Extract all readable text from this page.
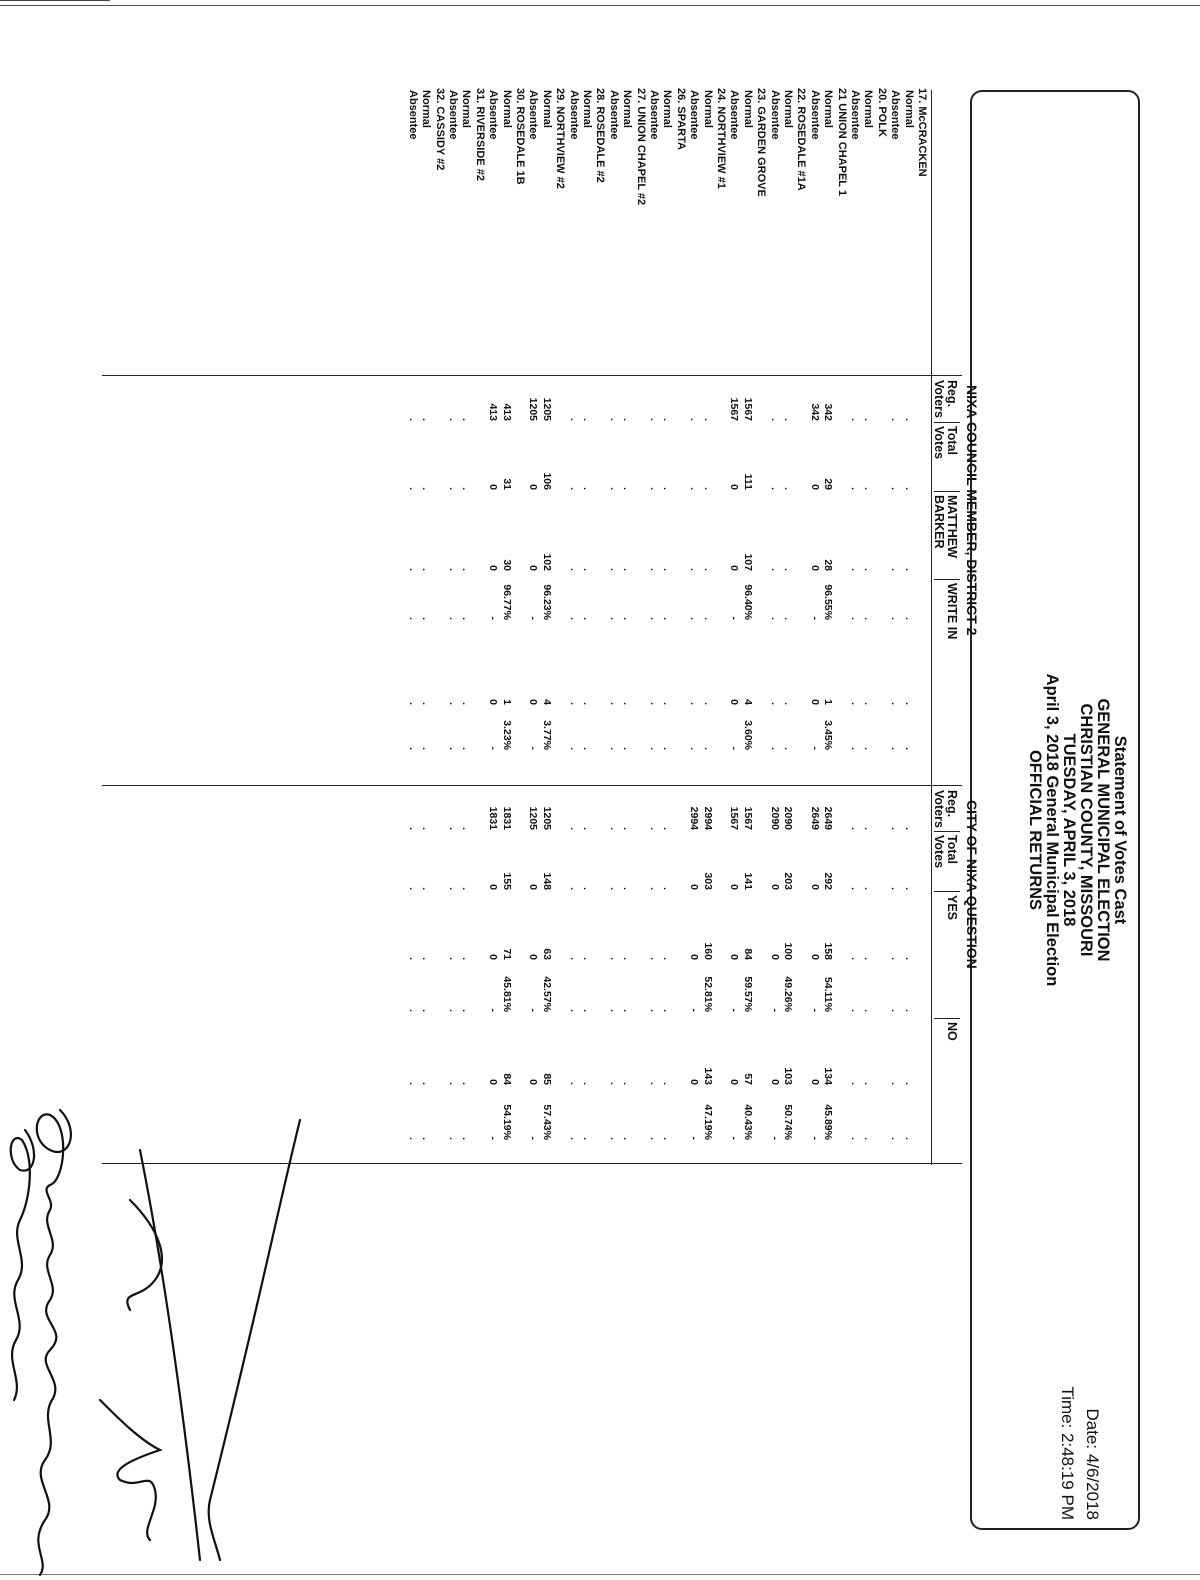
Statement of Votes Cast
GENERAL MUNICIPAL ELECTION
CHRISTIAN COUNTY, MISSOURI
TUESDAY, APRIL 3, 2018
April 3, 2018 General Municipal Election
OFFICIAL RETURNS
Date: 4/6/2018
Time: 2:48:19 PM
NIXA COUNCIL MEMBER, DISTRICT 2
CITY OF NIXA QUESTION
Reg.
Voters
Total
Votes
MATTHEW
BARKER
WRITE IN
Reg.
Voters
Total
Votes
YES
NO
17. McCRACKEN
Normal
.
.
.
.
.
.
.
.
.
.
.
.
Absentee
.
.
.
.
.
.
.
.
.
.
.
.
20. POLK
Normal
.
.
.
.
.
.
.
.
.
.
.
.
Absentee
.
.
.
.
.
.
.
.
.
.
.
.
21 UNION CHAPEL 1
Normal
342
29
28
96.55%
1
3.45%
2649
292
158
54.11%
134
45.89%
Absentee
342
0
0
-
0
-
2649
0
0
-
0
-
22. ROSEDALE #1A
Normal
.
.
.
.
.
.
2090
203
100
49.26%
103
50.74%
Absentee
.
.
.
.
.
.
2090
0
0
-
0
-
23. GARDEN GROVE
Normal
1567
111
107
96.40%
4
3.60%
1567
141
84
59.57%
57
40.43%
Absentee
1567
0
0
-
0
-
1567
0
0
-
0
-
24. NORTHVIEW #1
Normal
.
.
.
.
.
.
2994
303
160
52.81%
143
47.19%
Absentee
.
.
.
.
.
.
2994
0
0
-
0
-
26. SPARTA
Normal
.
.
.
.
.
.
.
.
.
.
.
.
Absentee
.
.
.
.
.
.
.
.
.
.
.
.
27. UNION CHAPEL #2
Normal
.
.
.
.
.
.
.
.
.
.
.
.
Absentee
.
.
.
.
.
.
.
.
.
.
.
.
28. ROSEDALE #2
Normal
.
.
.
.
.
.
.
.
.
.
.
.
Absentee
.
.
.
.
.
.
.
.
.
.
.
.
29. NORTHVIEW #2
Normal
1205
106
102
96.23%
4
3.77%
1205
148
63
42.57%
85
57.43%
Absentee
1205
0
0
-
0
-
1205
0
0
-
0
-
30. ROSEDALE 1B
Normal
413
31
30
96.77%
1
3.23%
1831
155
71
45.81%
84
54.19%
Absentee
413
0
0
-
0
-
1831
0
0
-
0
-
31. RIVERSIDE #2
Normal
.
.
.
.
.
.
.
.
.
.
.
.
Absentee
.
.
.
.
.
.
.
.
.
.
.
.
32. CASSIDY #2
Normal
.
.
.
.
.
.
.
.
.
.
.
.
Absentee
.
.
.
.
.
.
.
.
.
.
.
.
